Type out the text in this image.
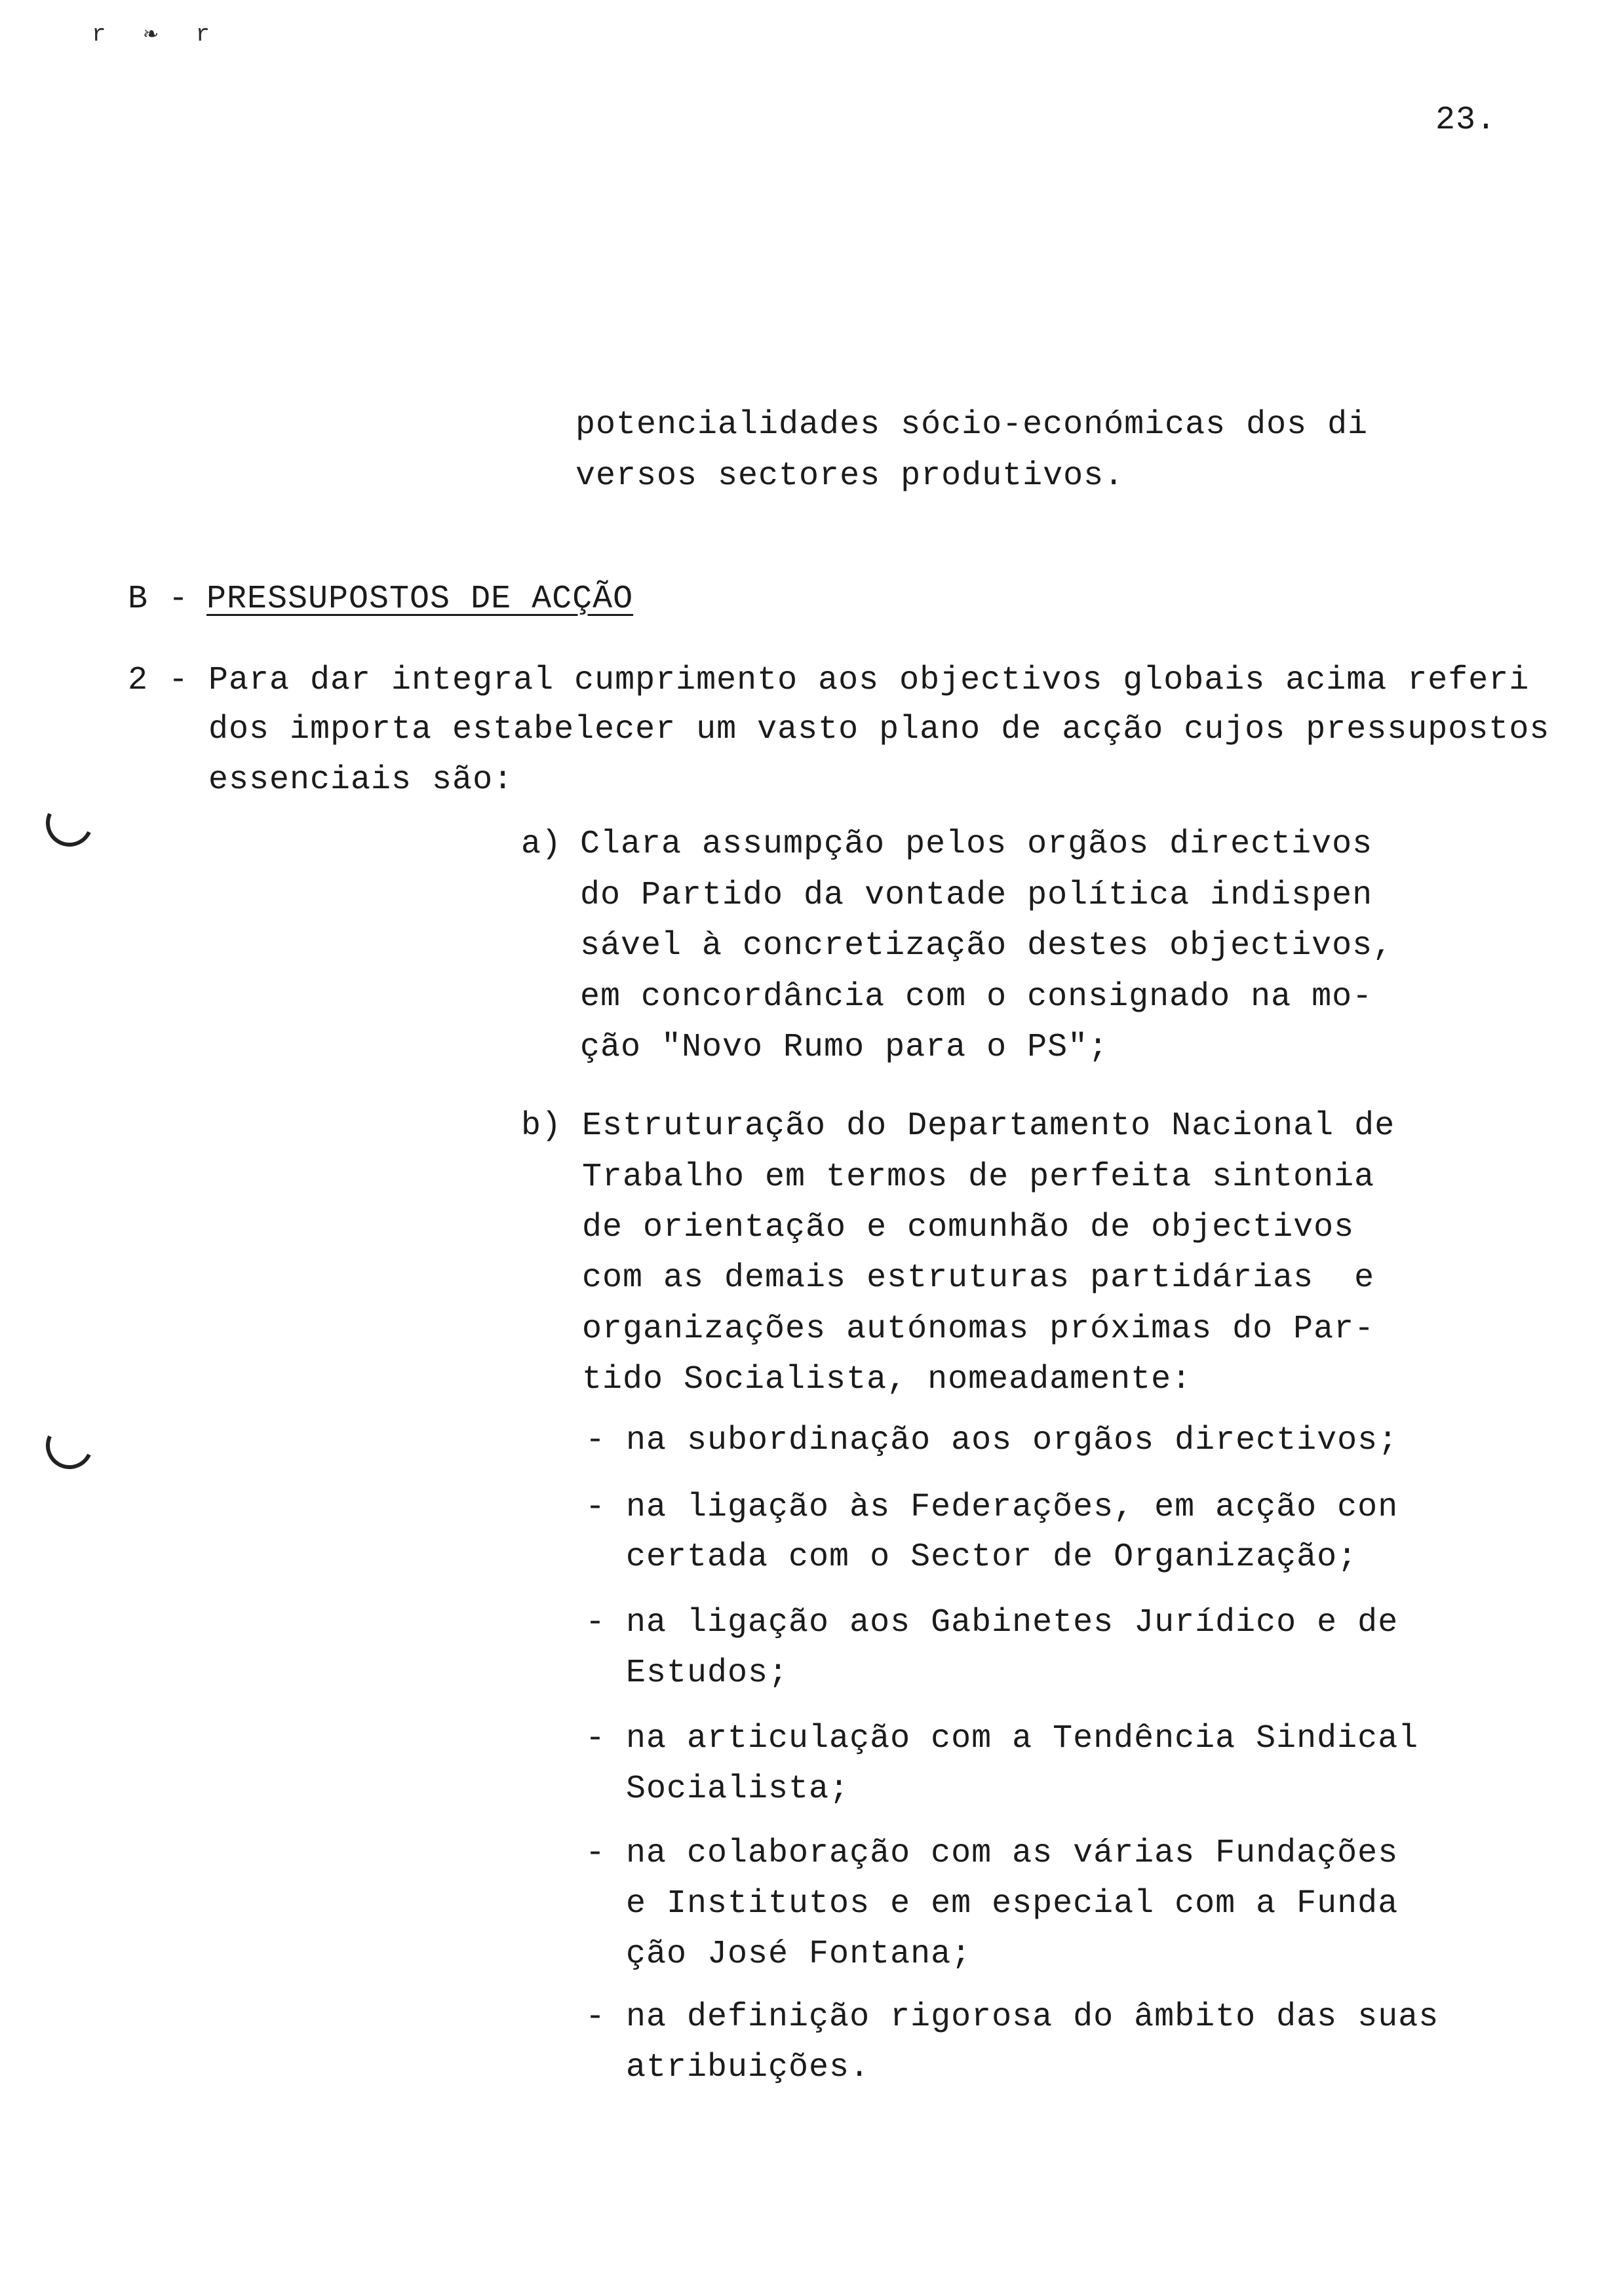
r ❧ r
23.
potencialidades sócio-económicas dos di
versos sectores produtivos.
B -
PRESSUPOSTOS DE ACÇÃO
2 -
Para dar integral cumprimento aos objectivos globais acima referi
dos importa estabelecer um vasto plano de acção cujos pressupostos
essenciais são:
a) Clara assumpção pelos orgãos directivos
do Partido da vontade política indispen
sável à concretização destes objectivos,
em concordância com o consignado na mo-
ção "Novo Rumo para o PS";
b) Estruturação do Departamento Nacional de
Trabalho em termos de perfeita sintonia
de orientação e comunhão de objectivos
com as demais estruturas partidárias  e
organizações autónomas próximas do Par-
tido Socialista, nomeadamente:
- na subordinação aos orgãos directivos;
- na ligação às Federações, em acção con
certada com o Sector de Organização;
- na ligação aos Gabinetes Jurídico e de
Estudos;
- na articulação com a Tendência Sindical
Socialista;
- na colaboração com as várias Fundações
e Institutos e em especial com a Funda
ção José Fontana;
- na definição rigorosa do âmbito das suas
atribuições.
